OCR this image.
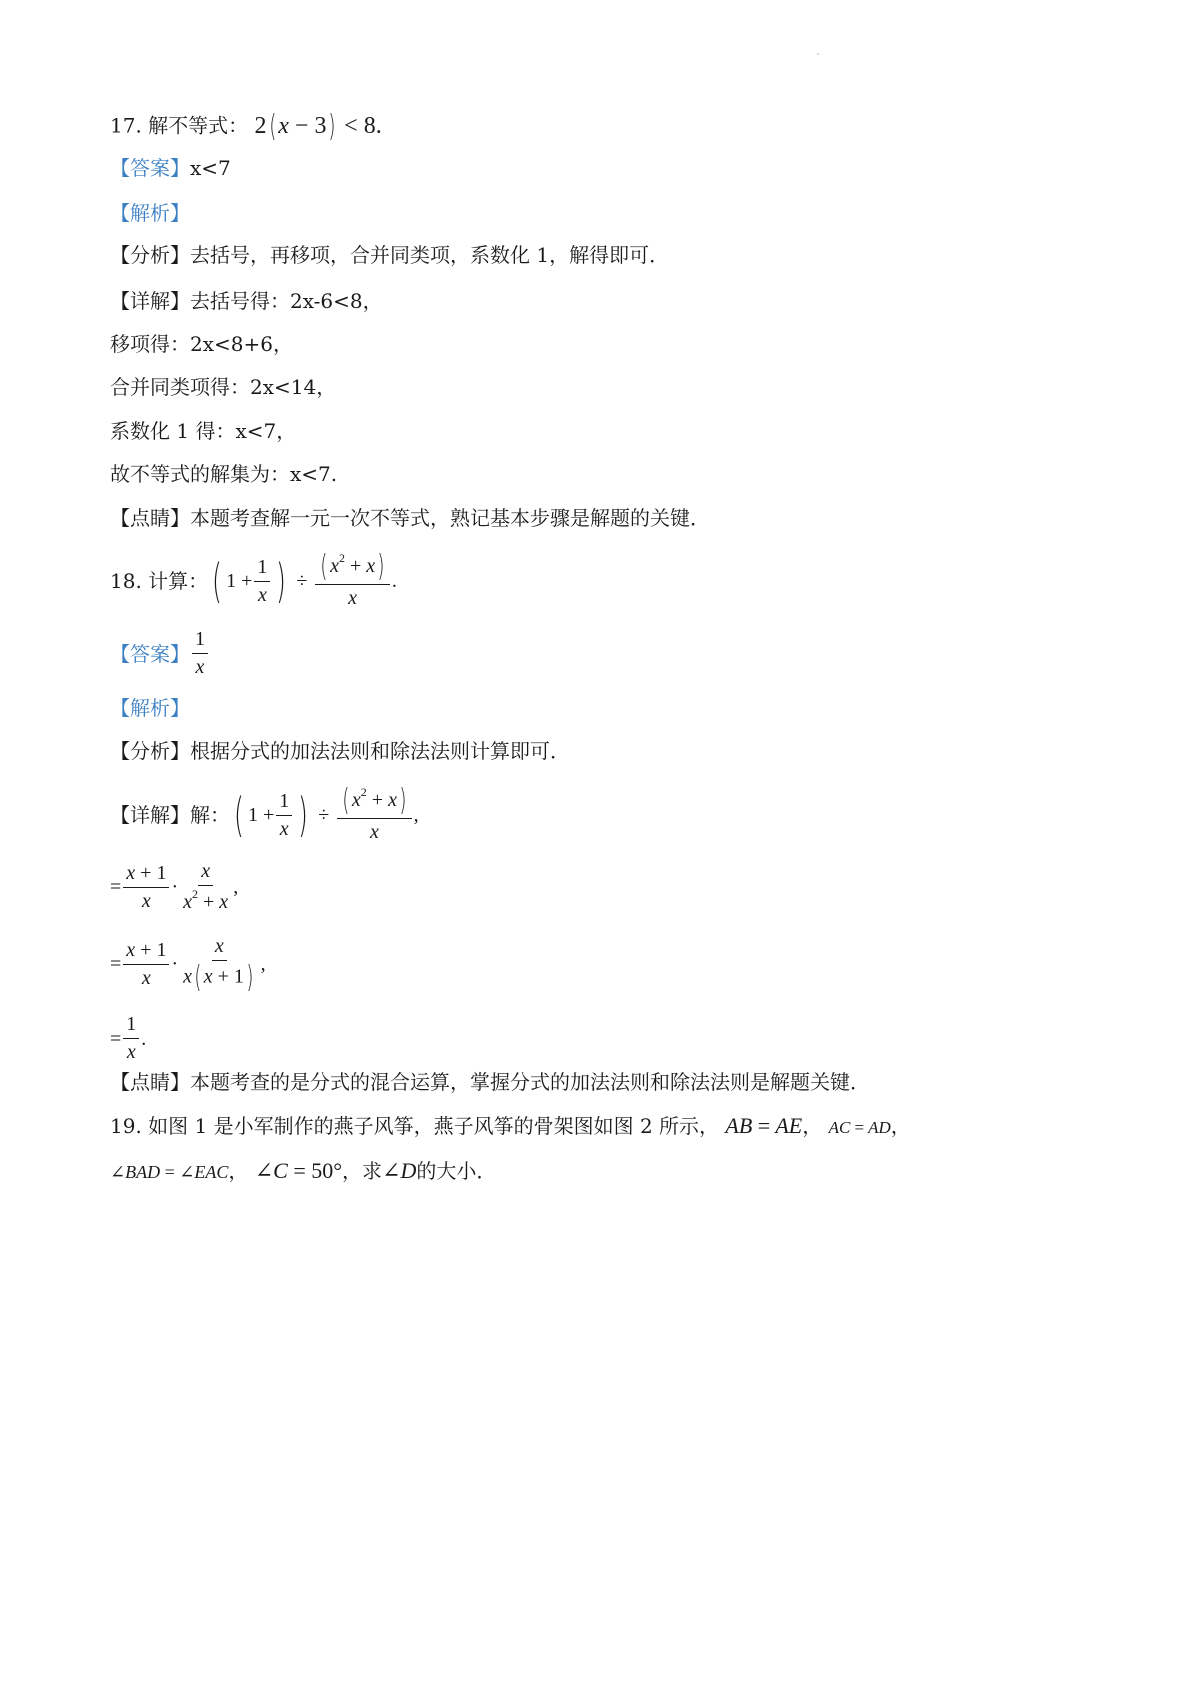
17. 解不等式： 2(x − 3) < 8.
【答案】x<7
【解析】
【分析】去括号，再移项，合并同类项，系数化 1，解得即可．
【详解】去括号得：2x-6<8，
移项得：2x<8+6，
合并同类项得：2x<14，
系数化 1 得：x<7，
故不等式的解集为：x<7.
【点睛】本题考查解一元一次不等式，熟记基本步骤是解题的关键．
18. 计算： ( $1 + \frac{1}{x}$ ) ÷ $\frac{( x^2 + x)}{x}$ .
【答案】 $\frac{1}{x}$
【解析】
【分析】根据分式的加法法则和除法法则计算即可．
【详解】 解： ( $1 + \frac{1}{x}$ ) ÷ $\frac{( x^2 + x)}{x}$ ,
= $\frac{x + 1}{x} \cdot \frac{x}{x^2 + x}$ ,
= $\frac{x + 1}{x} \cdot \frac{x}{x( x + 1)}$ ,
= $\frac{1}{x}$ .
【点睛】本题考查的是分式的混合运算，掌握分式的加法法则和除法法则是解题关键．
19. 如图 1 是小军制作的燕子风筝，燕子风筝的骨架图如图 2 所示， AB = AE， AC = AD，
∠BAD = ∠EAC， ∠C = 50°，求∠D的大小．
